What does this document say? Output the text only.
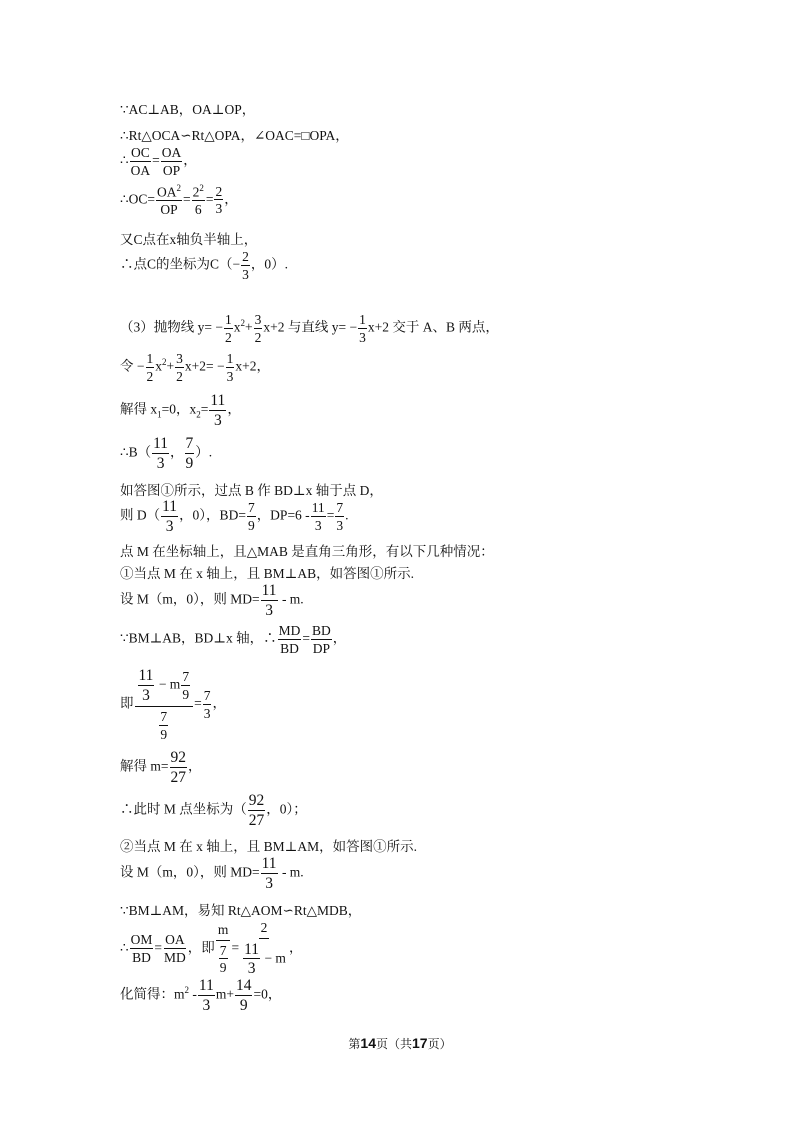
∵AC⊥AB，OA⊥OP，
∴Rt△OCA∽Rt△OPA，∠OAC=□OPA，
∴ $\frac{OC}{OA} = \frac{OA}{OP}$ ，
∴OC= $\frac{OA^2}{OP} = \frac{2^2}{6} = \frac{2}{3}$ ，
又C点在x轴负半轴上，
∴点C的坐标为$C(- \frac{2}{3}$ ，0）.
（3）抛物线 $y= - \frac{1}{2} x^2+ \frac{3}{2} x+2$ 与直线 $y= - \frac{1}{3} x+2$ 交于 A、B 两点，
令 − $\frac{1}{2} x^2+ \frac{3}{2} x+2= - \frac{1}{3} x+2$，
解得 $x_1=0$，$x_2= \frac{11}{3}$ ，
∴B（ $\frac{11}{3}$ ， $\frac{7}{9}$ ）.
如答图①所示，过点 B 作 BD⊥x 轴于点 D，
则 $D( \frac{11}{3}$ ，0），$BD= \frac{7}{9}$ ，$DP=6 - \frac{11}{3} = \frac{7}{3}$ .
点 M 在坐标轴上，且△MAB 是直角三角形，有以下几种情况：
①当点 M 在 x 轴上，且 BM⊥AB，如答图①所示.
设 M（m，0），则 $MD= \frac{11}{3} - m$.
∵BM⊥AB，BD⊥x 轴，∴ $\frac{MD}{BD} = \frac{BD}{DP}$ ，
即 $\frac{\frac{11}{3} - m \frac{7}{9}}{\frac{7}{9}} = \frac{7}{3}$ ，
解得 $m= \frac{92}{27}$ ，
∴此时 M 点坐标为（ $\frac{92}{27}$ ，0）；
②当点 M 在 x 轴上，且 BM⊥AM，如答图①所示.
设 M（m，0），则 $MD= \frac{11}{3} - m$.
∵BM⊥AM，易知 Rt△AOM∽Rt△MDB，
∴ $\frac{OM}{BD} = \frac{OA}{MD}$ ，即 $\frac{m}{\frac{7}{9}} = \frac{2}{\frac{11}{3} - m}$ ，
化简得：$m^2 - \frac{11}{3} m+ \frac{14}{9} =0$，
第14页（共17页）
